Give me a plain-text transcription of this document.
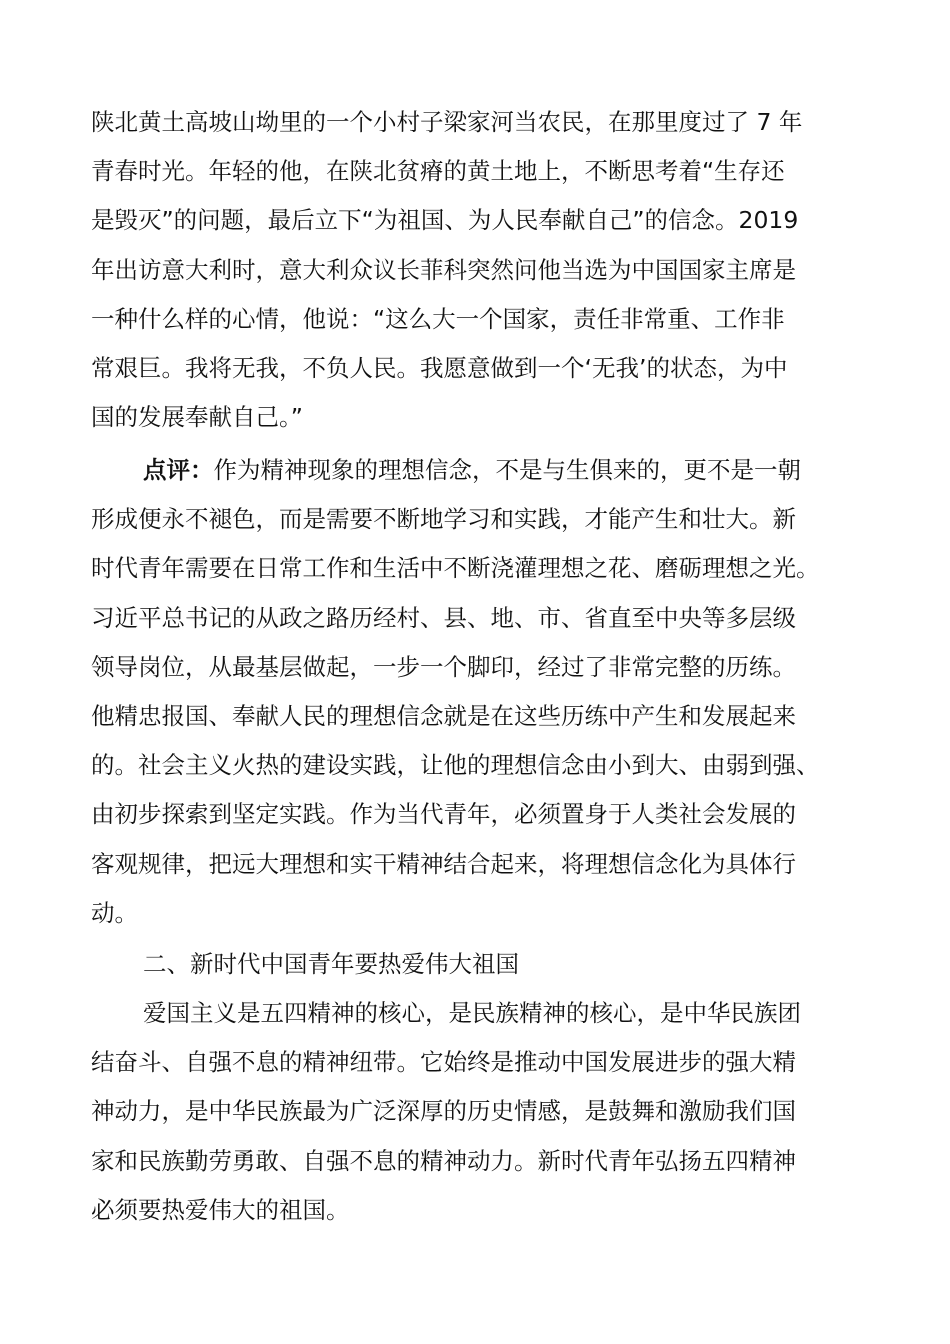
陕北黄土高坡山坳里的一个小村子梁家河当农民，在那里度过了 7 年
青春时光。年轻的他，在陕北贫瘠的黄土地上，不断思考着“生存还
是毁灭”的问题，最后立下“为祖国、为人民奉献自己”的信念。2019
年出访意大利时，意大利众议长菲科突然问他当选为中国国家主席是
一种什么样的心情，他说：“这么大一个国家，责任非常重、工作非
常艰巨。我将无我，不负人民。我愿意做到一个‘无我’的状态，为中
国的发展奉献自己。”
点评：作为精神现象的理想信念，不是与生俱来的，更不是一朝
形成便永不褪色，而是需要不断地学习和实践，才能产生和壮大。新
时代青年需要在日常工作和生活中不断浇灌理想之花、磨砺理想之光。
习近平总书记的从政之路历经村、县、地、市、省直至中央等多层级
领导岗位，从最基层做起，一步一个脚印，经过了非常完整的历练。
他精忠报国、奉献人民的理想信念就是在这些历练中产生和发展起来
的。社会主义火热的建设实践，让他的理想信念由小到大、由弱到强、
由初步探索到坚定实践。作为当代青年，必须置身于人类社会发展的
客观规律，把远大理想和实干精神结合起来，将理想信念化为具体行
动。
二、新时代中国青年要热爱伟大祖国
爱国主义是五四精神的核心，是民族精神的核心，是中华民族团
结奋斗、自强不息的精神纽带。它始终是推动中国发展进步的强大精
神动力，是中华民族最为广泛深厚的历史情感，是鼓舞和激励我们国
家和民族勤劳勇敢、自强不息的精神动力。新时代青年弘扬五四精神
必须要热爱伟大的祖国。
